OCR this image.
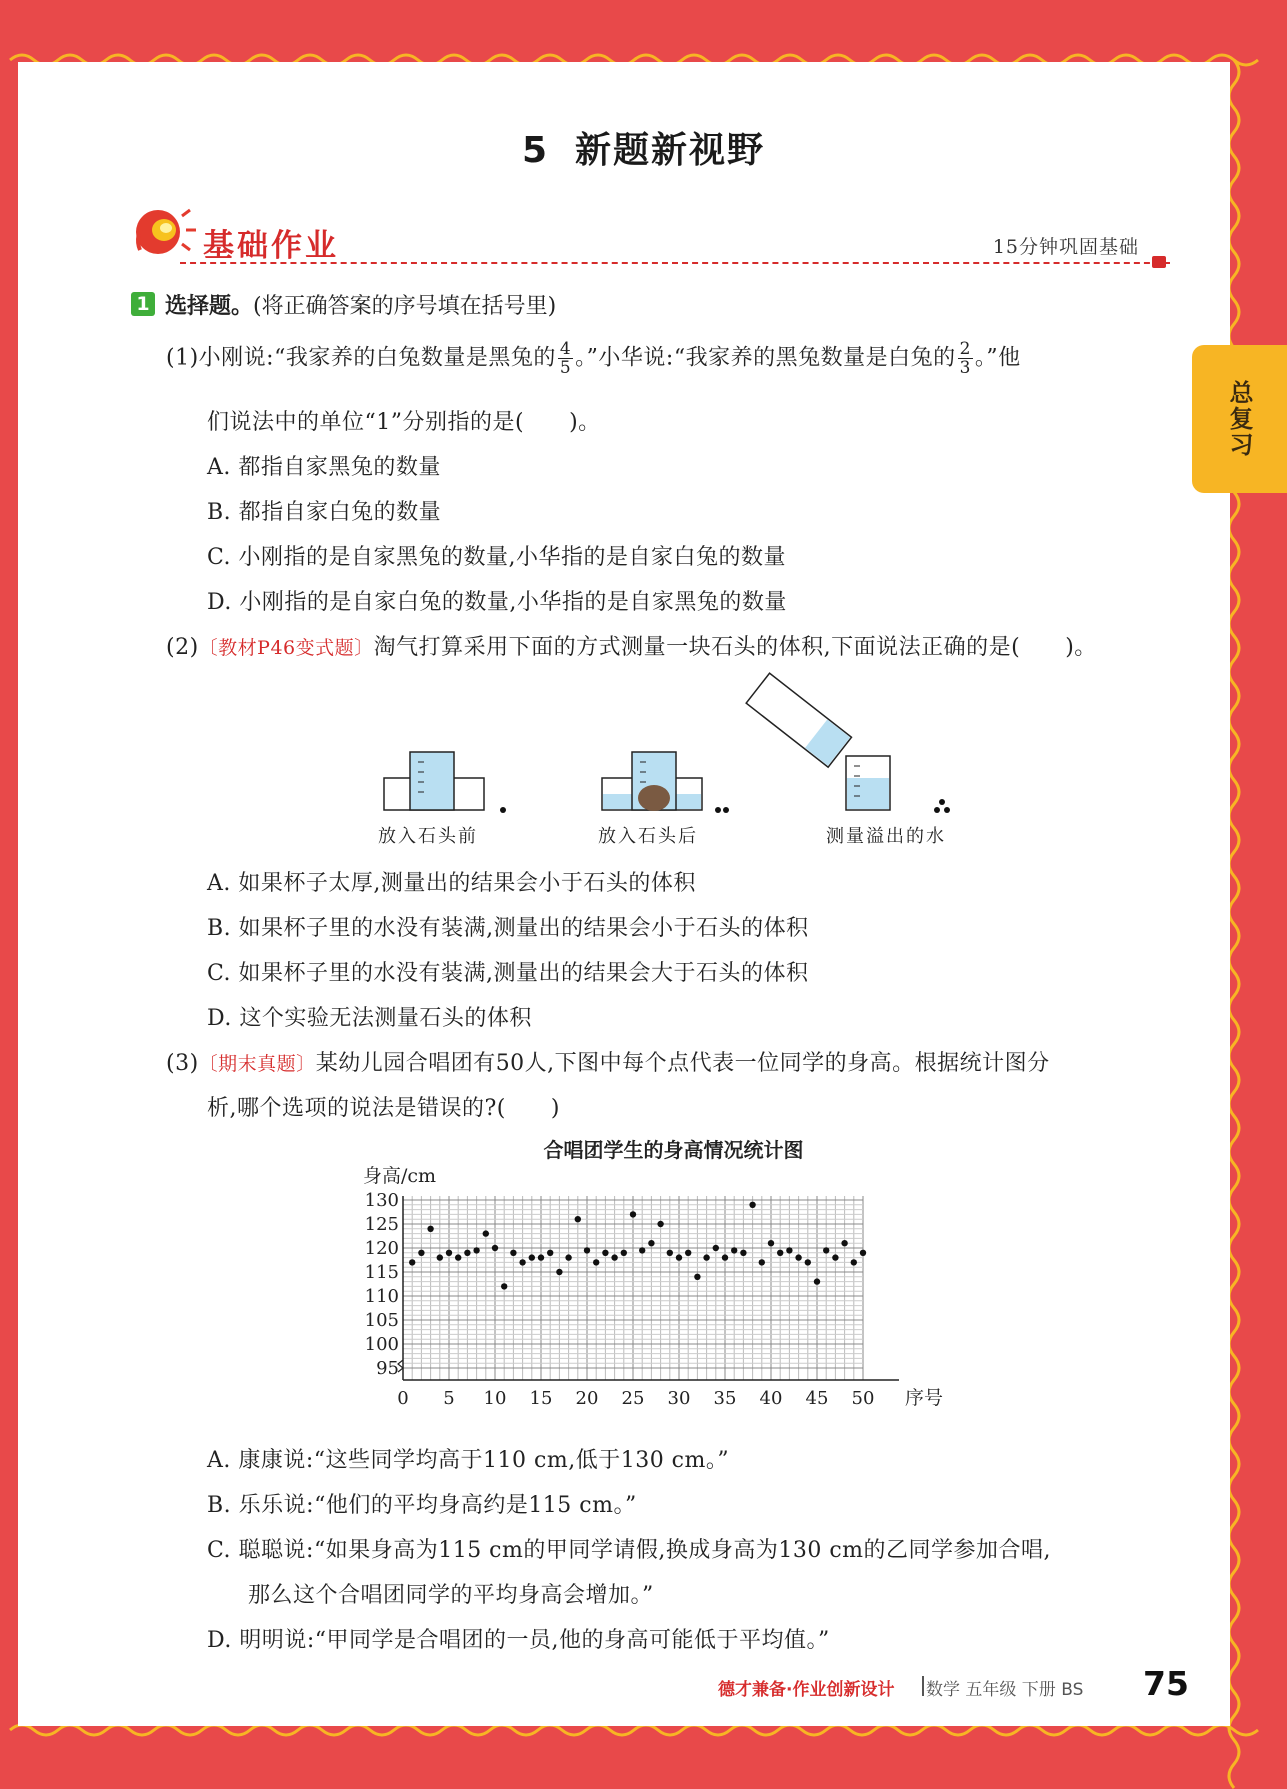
总复习
5 新题新视野
基础作业	15分钟巩固基础
1 选择题。(将正确答案的序号填在括号里)
(1)小刚说:“我家养的白兔数量是黑兔的 $\frac{4}{5}$ 。”小华说:“我家养的黑兔数量是白兔的 $\frac{2}{3}$ 。”他
们说法中的单位“1”分别指的是(　　)。
A. 都指自家黑兔的数量
B. 都指自家白兔的数量
C. 小刚指的是自家黑兔的数量,小华指的是自家白兔的数量
D. 小刚指的是自家白兔的数量,小华指的是自家黑兔的数量
(2)〔教材P46变式题〕淘气打算采用下面的方式测量一块石头的体积,下面说法正确的是(　　)。
放入石头前	放入石头后	测量溢出的水
A. 如果杯子太厚,测量出的结果会小于石头的体积
B. 如果杯子里的水没有装满,测量出的结果会小于石头的体积
C. 如果杯子里的水没有装满,测量出的结果会大于石头的体积
D. 这个实验无法测量石头的体积
(3)〔期末真题〕某幼儿园合唱团有50人,下图中每个点代表一位同学的身高。根据统计图分
析,哪个选项的说法是错误的?(　　)
合唱团学生的身高情况统计图
0 5 10 15 20 25 30 35 40 45 50
95
100
105
110
115
120
125
130
身高/cm
序号
A. 康康说:“这些同学均高于110 cm,低于130 cm。”
B. 乐乐说:“他们的平均身高约是115 cm。”
C. 聪聪说:“如果身高为115 cm的甲同学请假,换成身高为130 cm的乙同学参加合唱,
那么这个合唱团同学的平均身高会增加。”
D. 明明说:“甲同学是合唱团的一员,他的身高可能低于平均值。”
德才兼备·作业创新设计 数学 五年级 下册 BS 75
